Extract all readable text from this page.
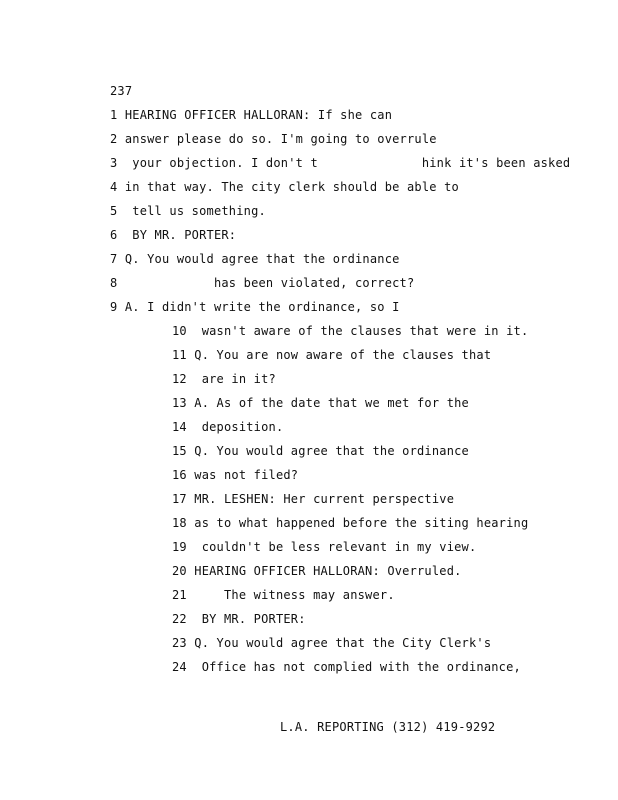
237
1 HEARING OFFICER HALLORAN: If she can
2 answer please do so. I'm going to overrule
3  your objection. I don't t              hink it's been asked
4 in that way. The city clerk should be able to
5  tell us something.
6  BY MR. PORTER:
7 Q. You would agree that the ordinance
8             has been violated, correct?
9 A. I didn't write the ordinance, so I
10  wasn't aware of the clauses that were in it.
11 Q. You are now aware of the clauses that
12  are in it?
13 A. As of the date that we met for the
14  deposition.
15 Q. You would agree that the ordinance
16 was not filed?
17 MR. LESHEN: Her current perspective
18 as to what happened before the siting hearing
19  couldn't be less relevant in my view.
20 HEARING OFFICER HALLORAN: Overruled.
21     The witness may answer.
22  BY MR. PORTER:
23 Q. You would agree that the City Clerk's
24  Office has not complied with the ordinance,
L.A. REPORTING (312) 419-9292
